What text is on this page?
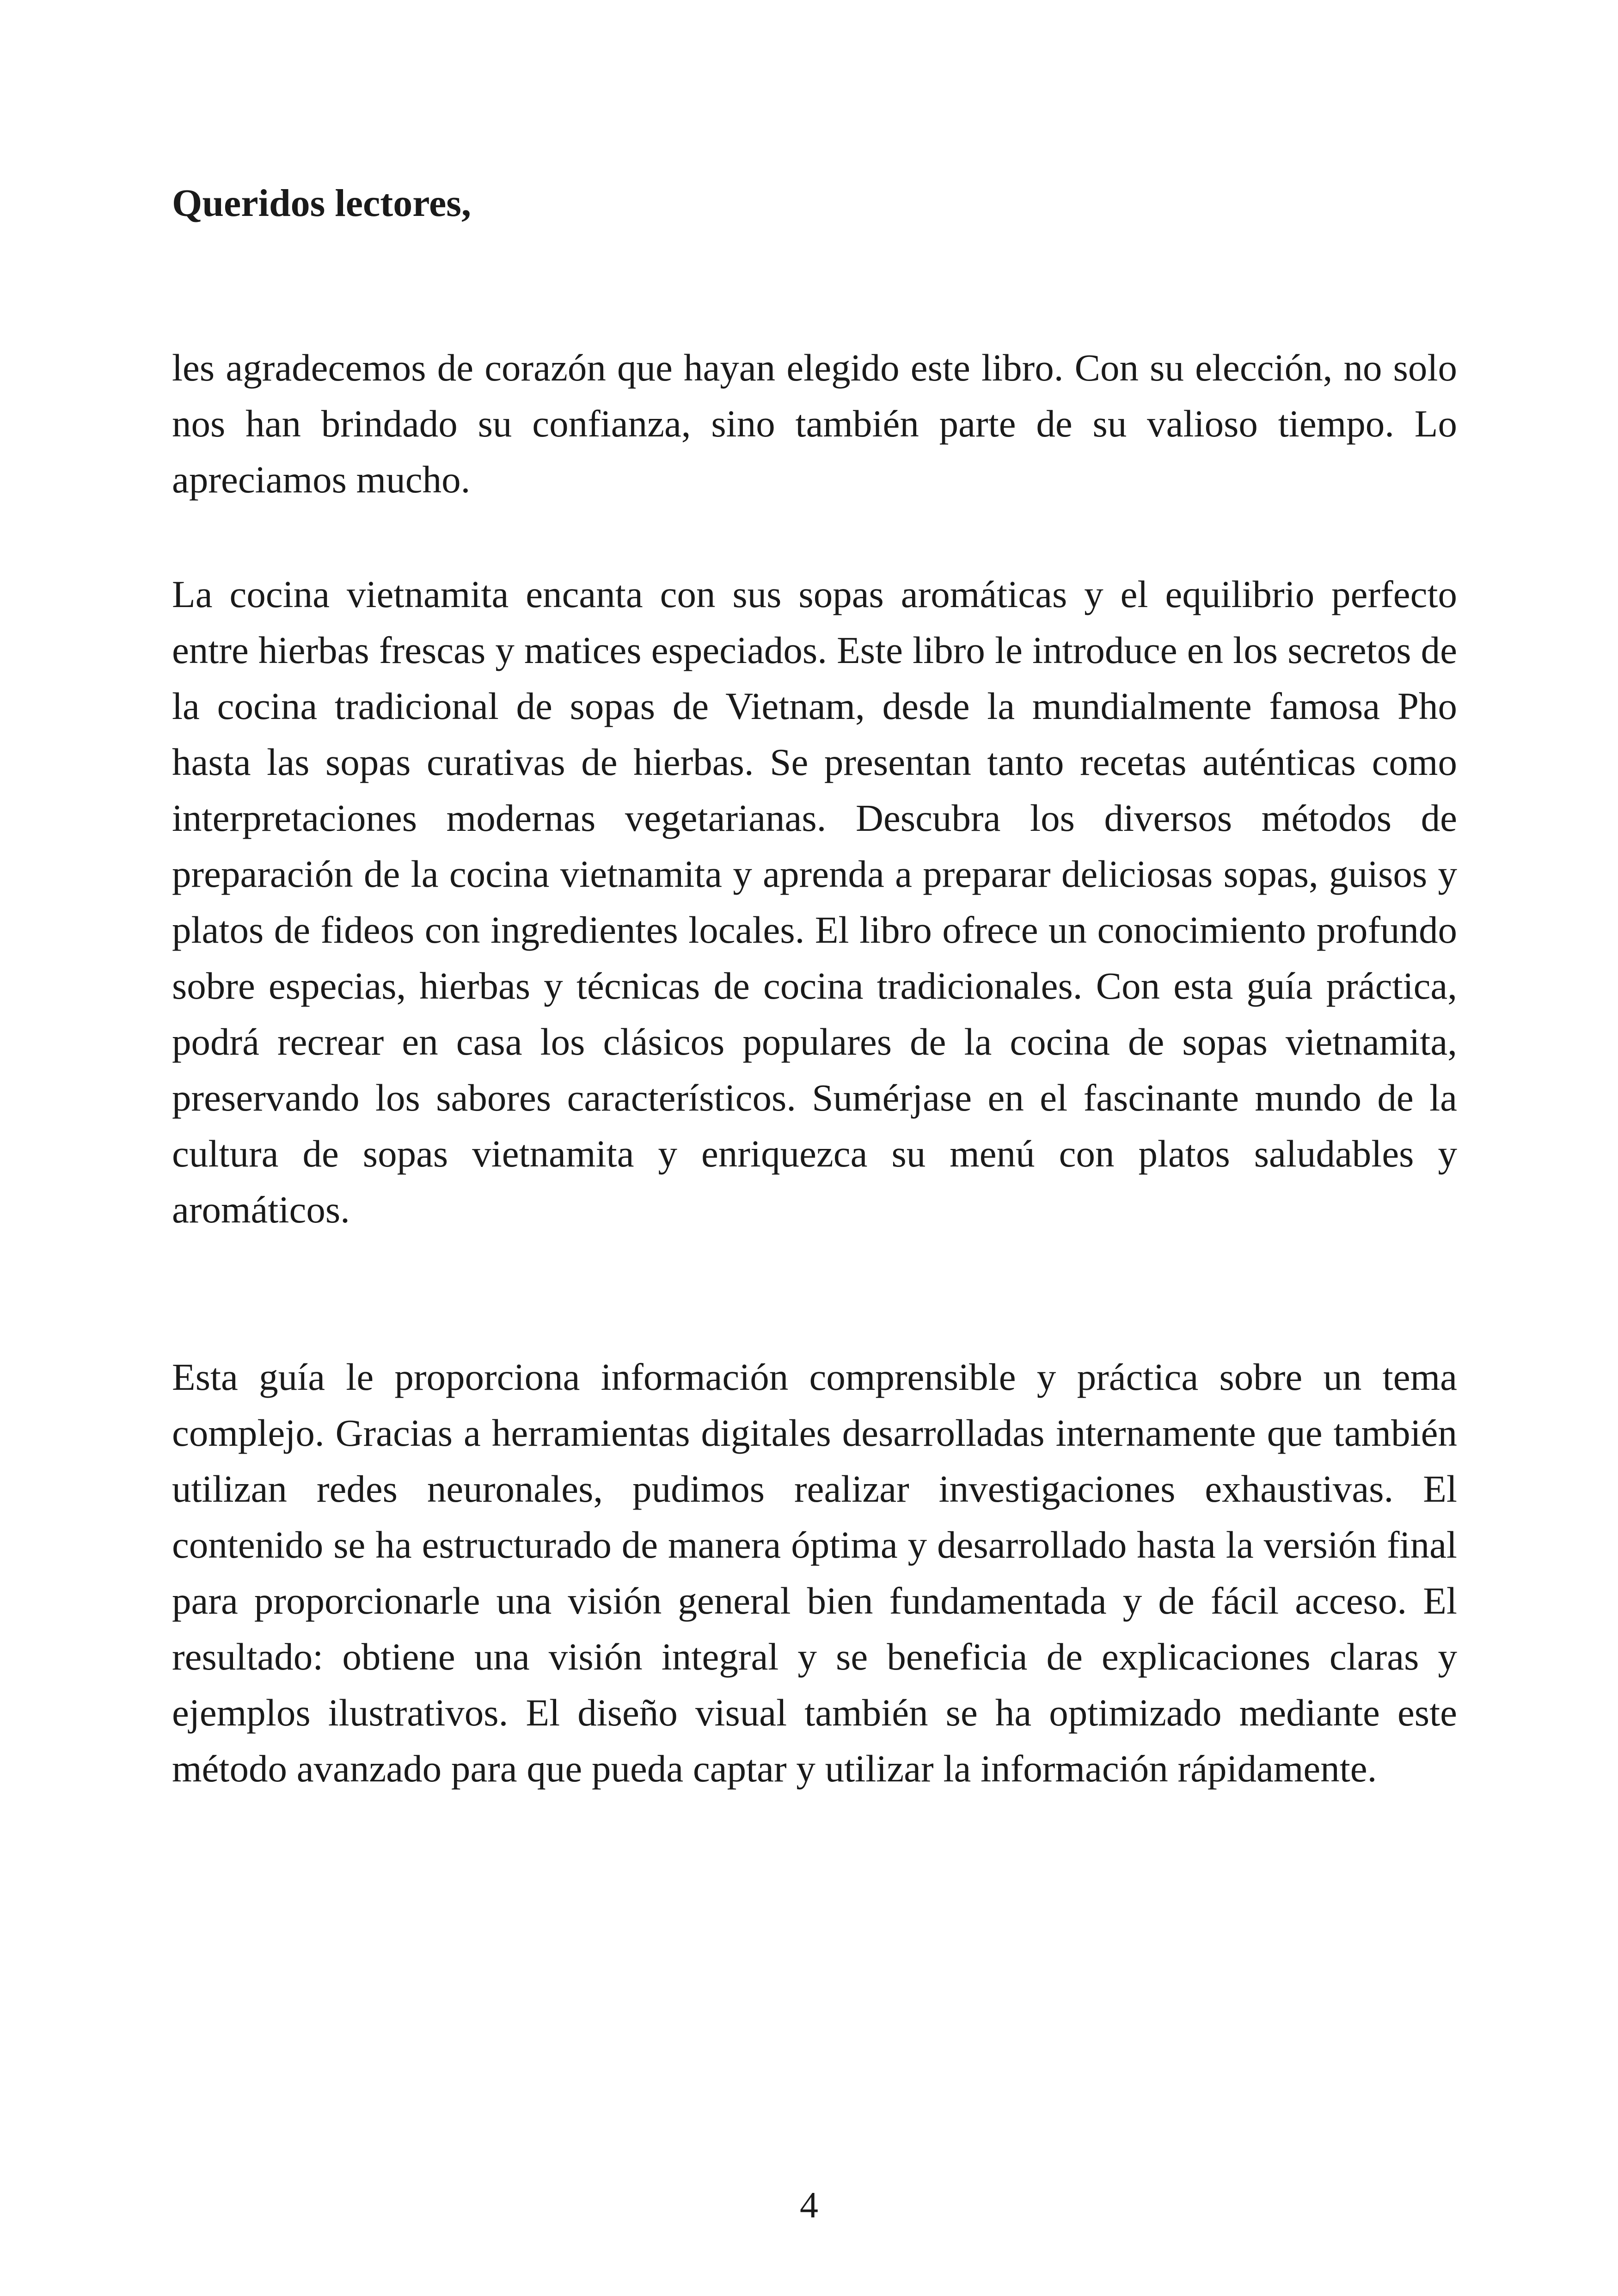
Queridos lectores,

les agradecemos de corazón que hayan elegido este libro. Con su elección, no solo nos han brindado su confianza, sino también parte de su valioso tiempo. Lo apreciamos mucho.

La cocina vietnamita encanta con sus sopas aromáticas y el equilibrio perfecto entre hierbas frescas y matices especiados. Este libro le introduce en los secretos de la cocina tradicional de sopas de Vietnam, desde la mundialmente famosa Pho hasta las sopas curativas de hierbas. Se presentan tanto recetas auténticas como interpretaciones modernas vegetarianas. Descubra los diversos métodos de preparación de la cocina vietnamita y aprenda a preparar deliciosas sopas, guisos y platos de fideos con ingredientes locales. El libro ofrece un conocimiento profundo sobre especias, hierbas y técnicas de cocina tradicionales. Con esta guía práctica, podrá recrear en casa los clásicos populares de la cocina de sopas vietnamita, preservando los sabores característicos. Sumérjase en el fascinante mundo de la cultura de sopas vietnamita y enriquezca su menú con platos saludables y aromáticos.

Esta guía le proporciona información comprensible y práctica sobre un tema complejo. Gracias a herramientas digitales desarrolladas internamente que también utilizan redes neuronales, pudimos realizar investigaciones exhaustivas. El contenido se ha estructurado de manera óptima y desarrollado hasta la versión final para proporcionarle una visión general bien fundamentada y de fácil acceso. El resultado: obtiene una visión integral y se beneficia de explicaciones claras y ejemplos ilustrativos. El diseño visual también se ha optimizado mediante este método avanzado para que pueda captar y utilizar la información rápidamente.

4
